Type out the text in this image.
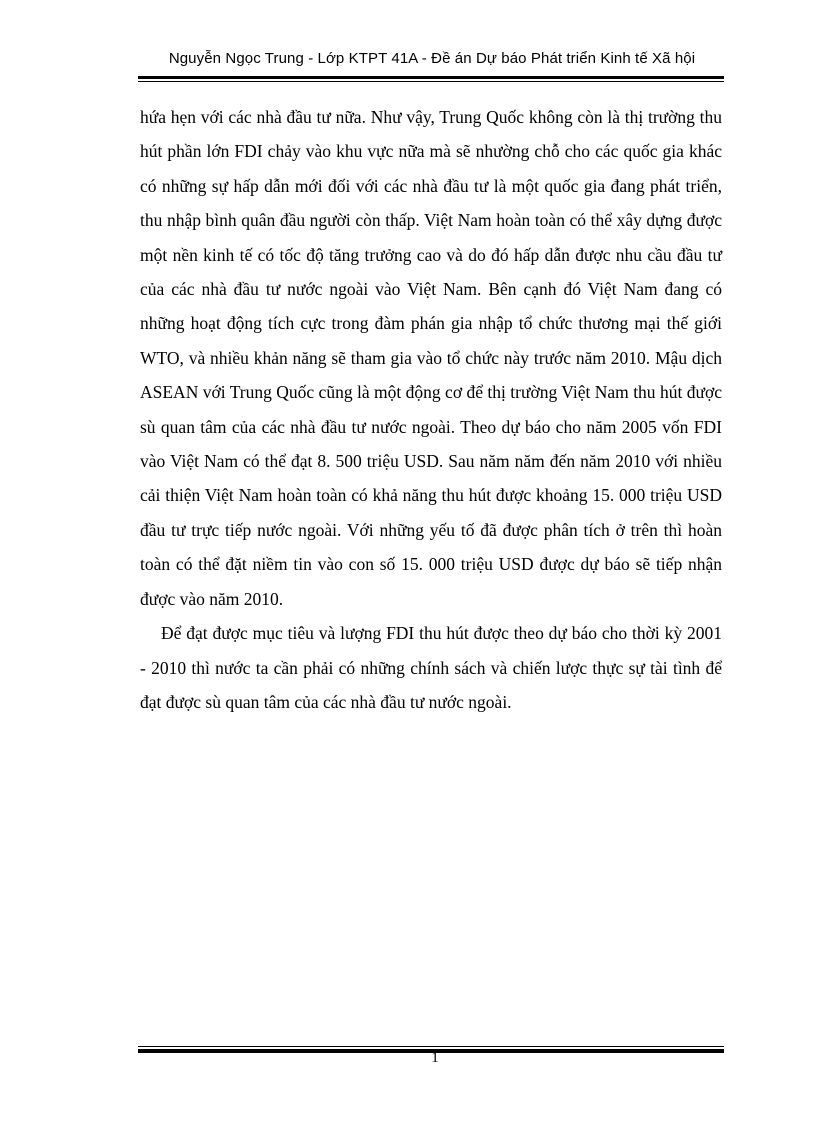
Nguyễn Ngọc Trung - Lớp KTPT 41A - Đề án Dự báo Phát triển Kinh tế Xã hội

hứa hẹn với các nhà đầu tư nữa. Như vậy, Trung Quốc không còn là thị trường thu hút phần lớn FDI chảy vào khu vực nữa mà sẽ nhường chỗ cho các quốc gia khác có những sự hấp dẫn mới đối với các nhà đầu tư là một quốc gia đang phát triển, thu nhập bình quân đầu người còn thấp. Việt Nam hoàn toàn có thể xây dựng được một nền kinh tế có tốc độ tăng trưởng cao và do đó hấp dẫn được nhu cầu đầu tư của các nhà đầu tư nước ngoài vào Việt Nam. Bên cạnh đó Việt Nam đang có những hoạt động tích cực trong đàm phán gia nhập tổ chức thương mại thế giới WTO, và nhiều khản năng sẽ tham gia vào tổ chức này trước năm 2010. Mậu dịch ASEAN với Trung Quốc cũng là một động cơ để thị trường Việt Nam thu hút được sù quan tâm của các nhà đầu tư nước ngoài. Theo dự báo cho năm 2005 vốn FDI vào Việt Nam có thể đạt 8. 500 triệu USD. Sau năm năm đến năm 2010 với nhiều cải thiện Việt Nam hoàn toàn có khả năng thu hút được khoảng 15. 000 triệu USD đầu tư trực tiếp nước ngoài. Với những yếu tố đã được phân tích ở trên thì hoàn toàn có thể đặt niềm tin vào con số 15. 000 triệu USD được dự báo sẽ tiếp nhận được vào năm 2010.

Để đạt được mục tiêu và lượng FDI thu hút được theo dự báo cho thời kỳ 2001 - 2010 thì nước ta cần phải có những chính sách và chiến lược thực sự tài tình để đạt được sù quan tâm của các nhà đầu tư nước ngoài.

1
